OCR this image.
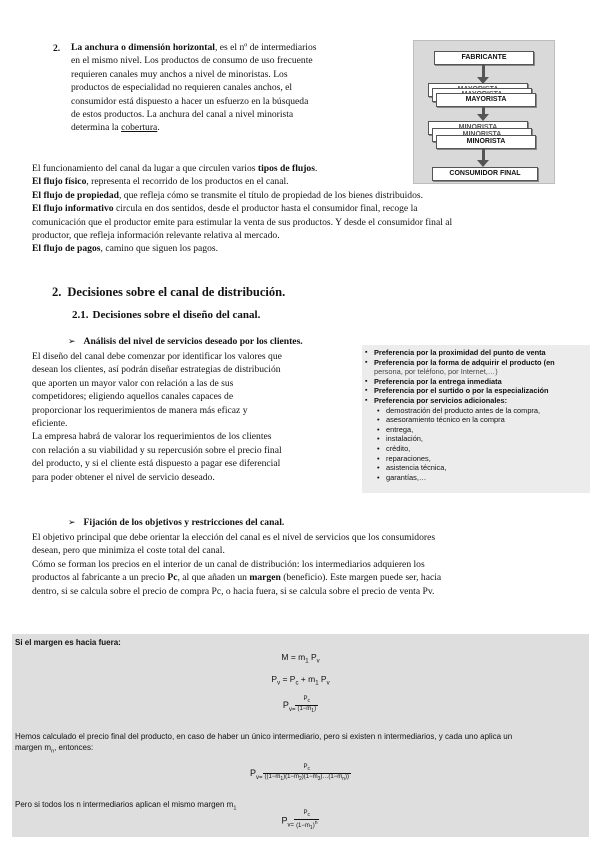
2. La anchura o dimensión horizontal, es el nº de intermediarios
en el mismo nivel. Los productos de consumo de uso frecuente
requieren canales muy anchos a nivel de minoristas. Los
productos de especialidad no requieren canales anchos, el
consumidor está dispuesto a hacer un esfuerzo en la búsqueda
de estos productos. La anchura del canal a nivel minorista
determina la cobertura.
FABRICANTE
MAYORISTA
MINORISTA
CONSUMIDOR FINAL
El funcionamiento del canal da lugar a que circulen varios tipos de flujos.
El flujo físico, representa el recorrido de los productos en el canal.
El flujo de propiedad, que refleja cómo se transmite el título de propiedad de los bienes distribuidos.
El flujo informativo circula en dos sentidos, desde el productor hasta el consumidor final, recoge la
comunicación que el productor emite para estimular la venta de sus productos. Y desde el consumidor final al
productor, que refleja información relevante relativa al mercado.
El flujo de pagos, camino que siguen los pagos.
2. Decisiones sobre el canal de distribución.
2.1. Decisiones sobre el diseño del canal.
➢ Análisis del nivel de servicios deseado por los clientes.
El diseño del canal debe comenzar por identificar los valores que
desean los clientes, así podrán diseñar estrategias de distribución
que aporten un mayor valor con relación a las de sus
competidores; eligiendo aquellos canales capaces de
proporcionar los requerimientos de manera más eficaz y
eficiente.
La empresa habrá de valorar los requerimientos de los clientes
con relación a su viabilidad y su repercusión sobre el precio final
del producto, y si el cliente está dispuesto a pagar ese diferencial
para poder obtener el nivel de servicio deseado.
▪ Preferencia por la proximidad del punto de venta
▪ Preferencia por la forma de adquirir el producto (en
persona, por teléfono, por Internet,…)
▪ Preferencia por la entrega inmediata
▪ Preferencia por el surtido o por la especialización
▪ Preferencia por servicios adicionales:
• demostración del producto antes de la compra,
• asesoramiento técnico en la compra
• entrega,
• instalación,
• crédito,
• reparaciones,
• asistencia técnica,
• garantías,…
➢ Fijación de los objetivos y restricciones del canal.
El objetivo principal que debe orientar la elección del canal es el nivel de servicios que los consumidores
desean, pero que minimiza el coste total del canal.
Cómo se forman los precios en el interior de un canal de distribución: los intermediarios adquieren los
productos al fabricante a un precio Pc, al que añaden un margen (beneficio). Este margen puede ser, hacia
dentro, si se calcula sobre el precio de compra Pc, o hacia fuera, si se calcula sobre el precio de venta Pv.
Si el margen es hacia fuera:
$M = m_1$ $P_v$
$P_v = P_c + m_1$ $P_v$
$P_{v=} \frac{P_c}{(1-m_1)}$
Hemos calculado el precio final del producto, en caso de haber un único intermediario, pero si existen n intermediarios, y cada uno aplica un
margen $m_n$, entonces:
$P_{v=} \frac{P_c}{((1-m_1)(1-m_2)(1-m_3)\dots(1-m_n))}$
Pero si todos los n intermediarios aplican el mismo margen $m_1$
$P_{v=} \frac{P_c}{(1-m_1)^n}$
